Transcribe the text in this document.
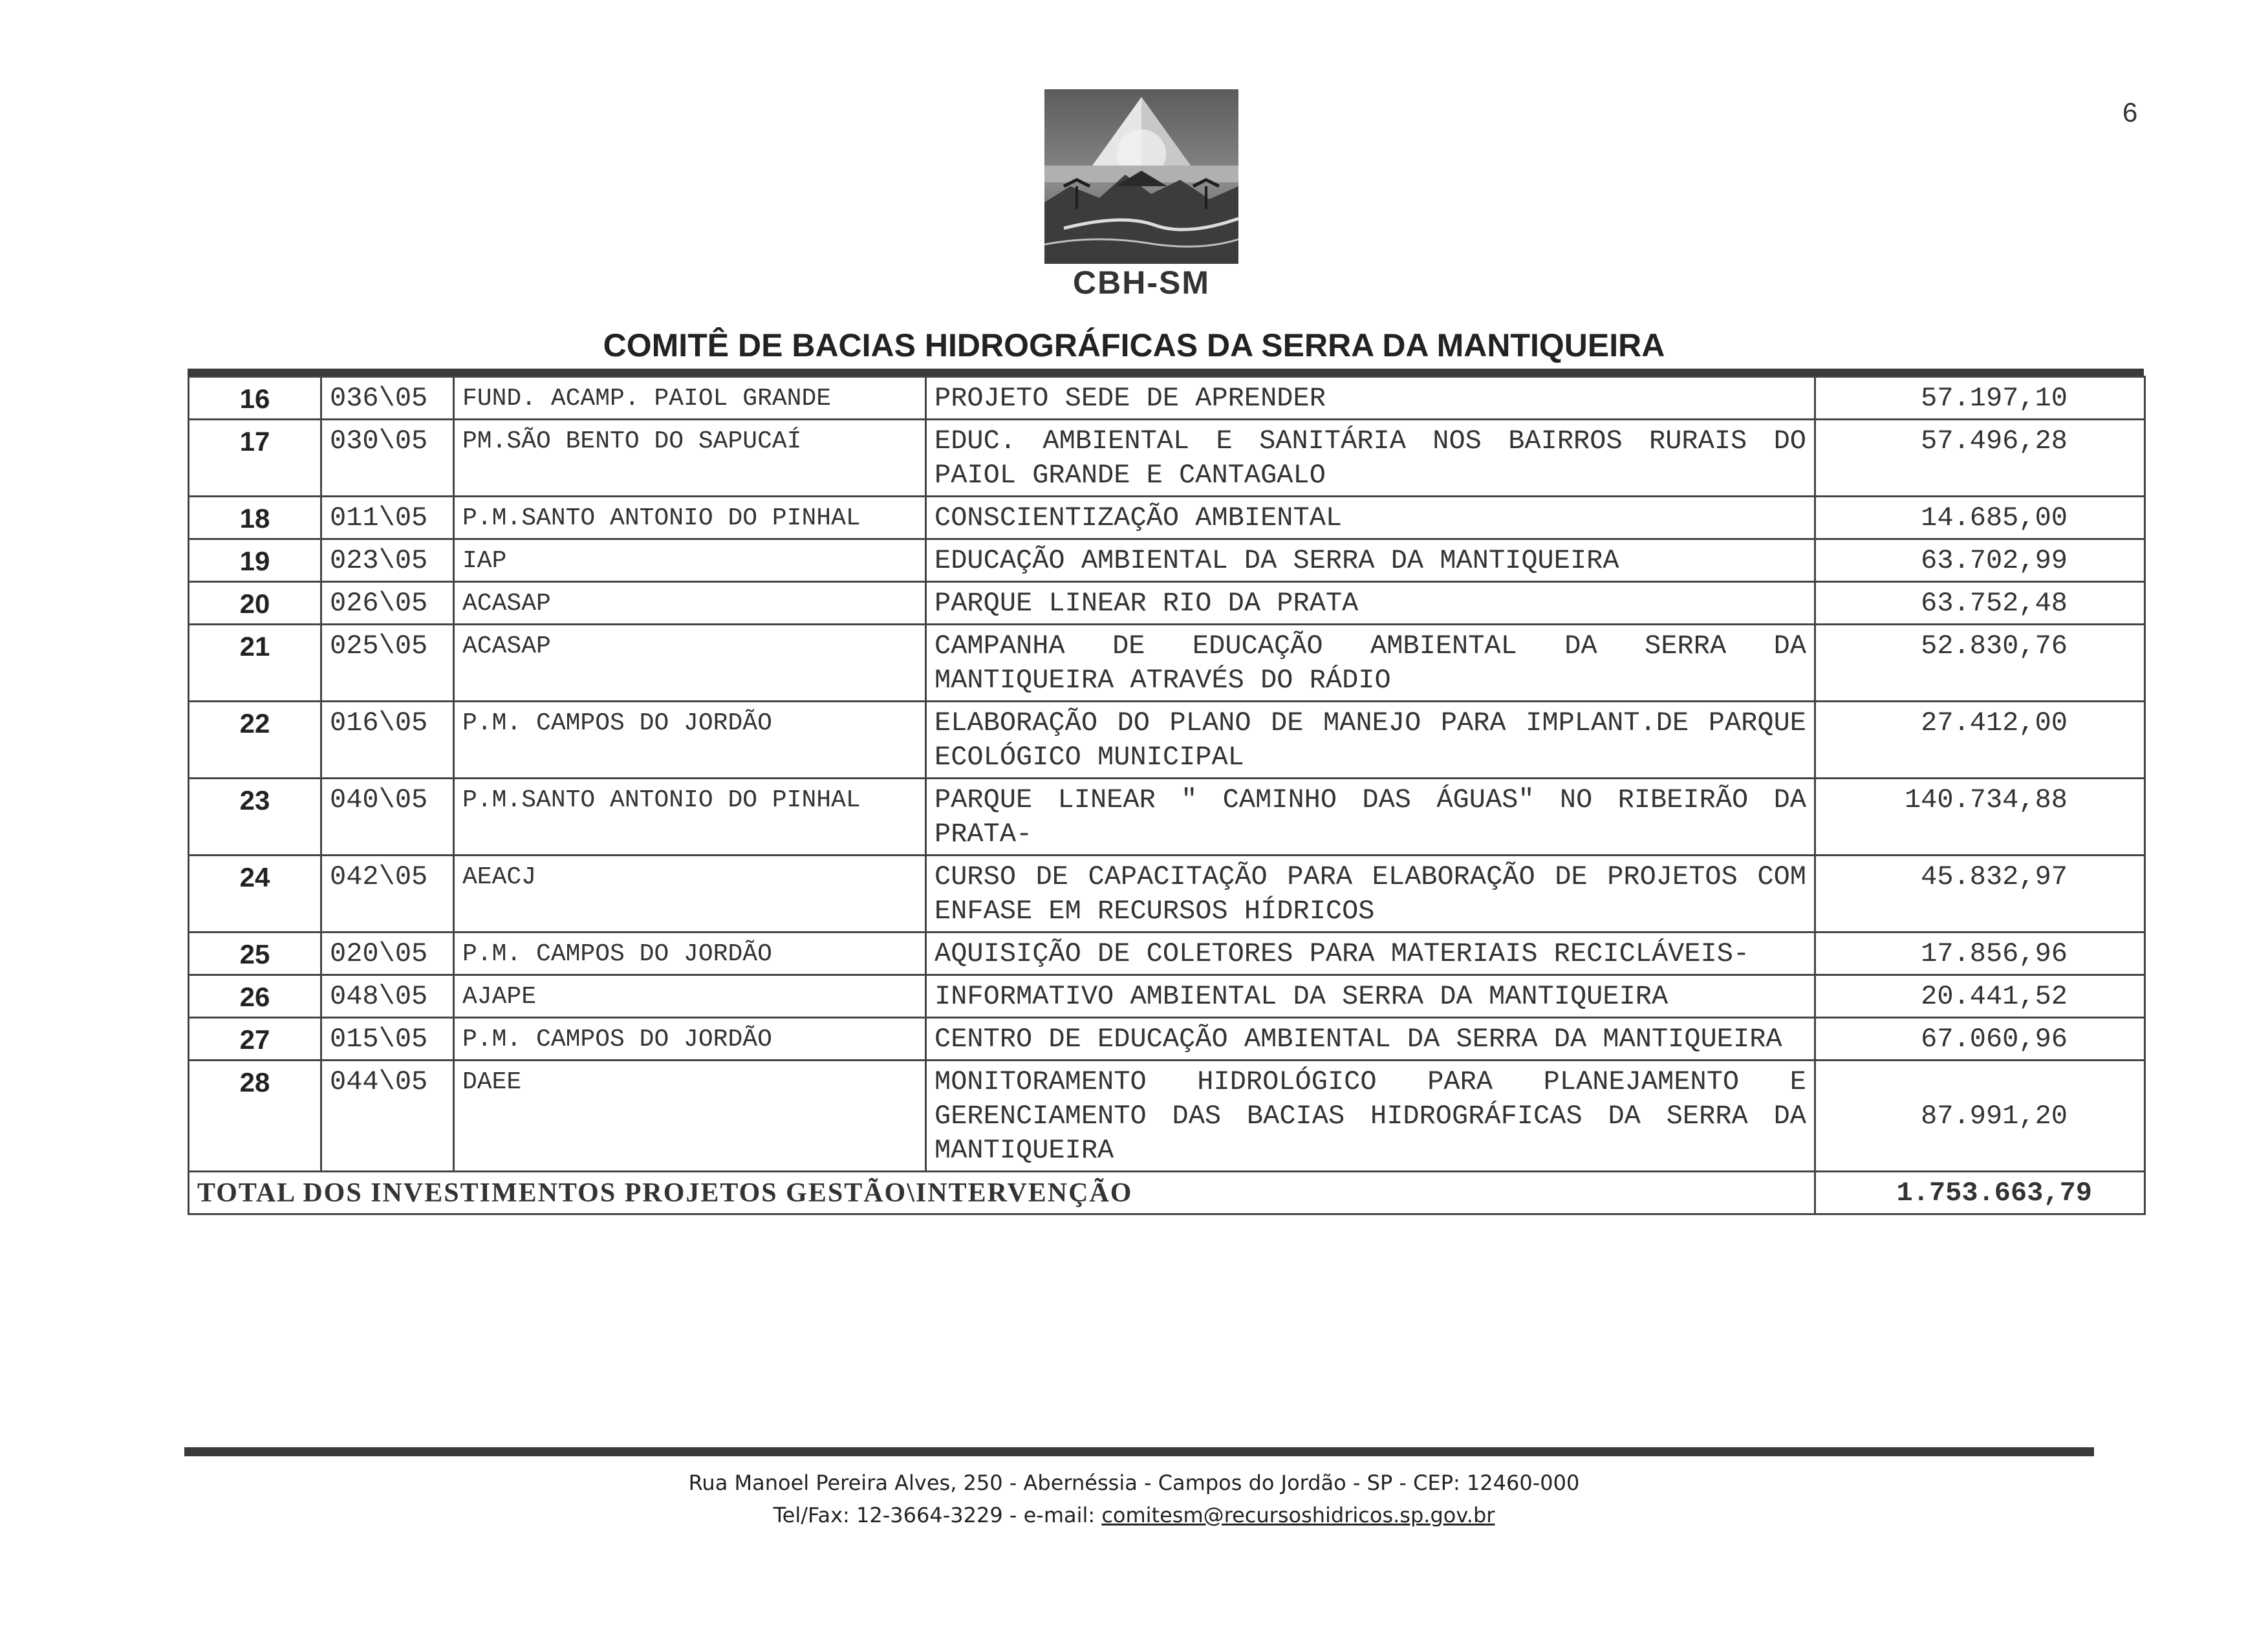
6
CBH-SM
COMITÊ DE BACIAS HIDROGRÁFICAS DA SERRA DA MANTIQUEIRA
16	036\05	FUND. ACAMP. PAIOL GRANDE	PROJETO SEDE DE APRENDER	57.197,10
17	030\05	PM.SÃO BENTO DO SAPUCAÍ	EDUC. AMBIENTAL E SANITÁRIA NOS BAIRROS RURAIS DO PAIOL GRANDE E CANTAGALO	57.496,28
18	011\05	P.M.SANTO ANTONIO DO PINHAL	CONSCIENTIZAÇÃO AMBIENTAL	14.685,00
19	023\05	IAP	EDUCAÇÃO AMBIENTAL DA SERRA DA MANTIQUEIRA	63.702,99
20	026\05	ACASAP	PARQUE LINEAR RIO DA PRATA	63.752,48
21	025\05	ACASAP	CAMPANHA DE EDUCAÇÃO AMBIENTAL DA SERRA DA MANTIQUEIRA ATRAVÉS DO RÁDIO	52.830,76
22	016\05	P.M. CAMPOS DO JORDÃO	ELABORAÇÃO DO PLANO DE MANEJO PARA IMPLANT.DE PARQUE ECOLÓGICO MUNICIPAL	27.412,00
23	040\05	P.M.SANTO ANTONIO DO PINHAL	PARQUE LINEAR " CAMINHO DAS ÁGUAS" NO RIBEIRÃO DA PRATA-	140.734,88
24	042\05	AEACJ	CURSO DE CAPACITAÇÃO PARA ELABORAÇÃO DE PROJETOS COM ENFASE EM RECURSOS HÍDRICOS	45.832,97
25	020\05	P.M. CAMPOS DO JORDÃO	AQUISIÇÃO DE COLETORES PARA MATERIAIS RECICLÁVEIS-	17.856,96
26	048\05	AJAPE	INFORMATIVO AMBIENTAL DA SERRA DA MANTIQUEIRA	20.441,52
27	015\05	P.M. CAMPOS DO JORDÃO	CENTRO DE EDUCAÇÃO AMBIENTAL DA SERRA DA MANTIQUEIRA	67.060,96
28	044\05	DAEE	MONITORAMENTO HIDROLÓGICO PARA PLANEJAMENTO E GERENCIAMENTO DAS BACIAS HIDROGRÁFICAS DA SERRA DA MANTIQUEIRA	87.991,20
TOTAL DOS INVESTIMENTOS PROJETOS GESTÃO\INTERVENÇÃO				1.753.663,79
Rua Manoel Pereira Alves, 250 - Abernéssia - Campos do Jordão - SP - CEP: 12460-000
Tel/Fax: 12-3664-3229 - e-mail: comitesm@recursoshidricos.sp.gov.br
